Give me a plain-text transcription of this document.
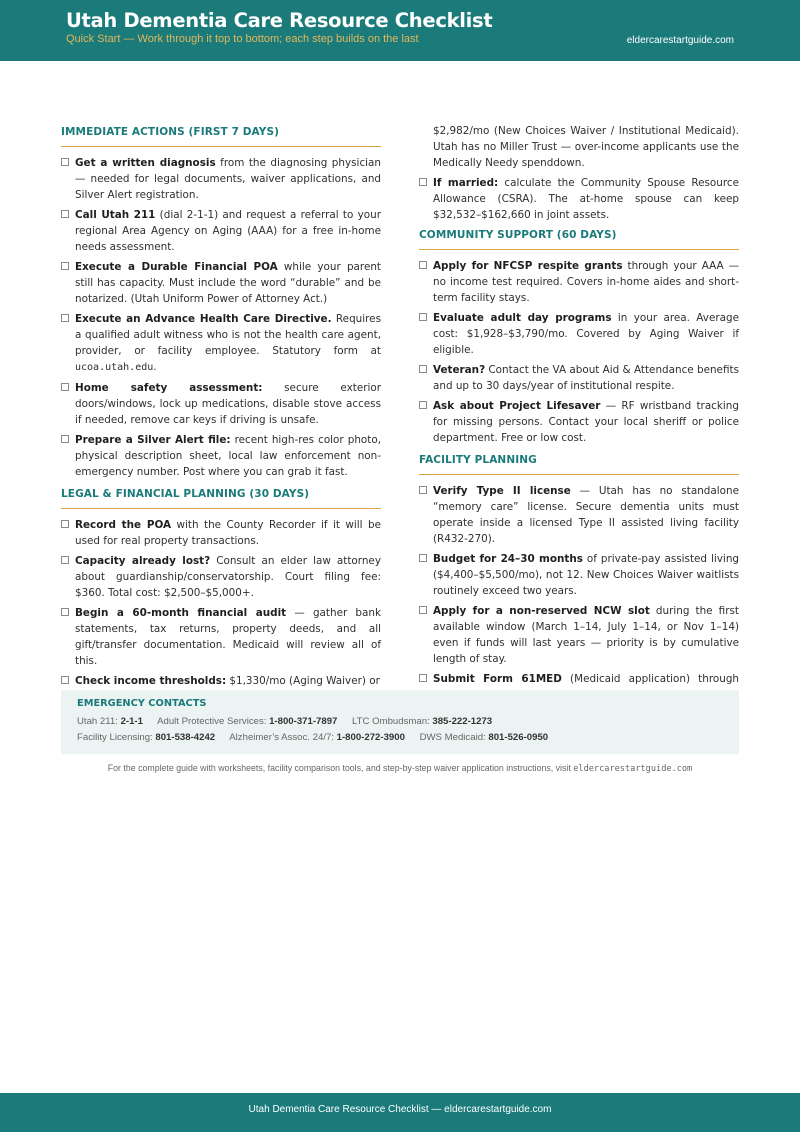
Utah Dementia Care Resource Checklist
Quick Start — Work through it top to bottom; each step builds on the last	eldercarestartguide.com
IMMEDIATE ACTIONS (FIRST 7 DAYS)
Get a written diagnosis from the diagnosing physician — needed for legal documents, waiver applications, and Silver Alert registration.
Call Utah 211 (dial 2-1-1) and request a referral to your regional Area Agency on Aging (AAA) for a free in-home needs assessment.
Execute a Durable Financial POA while your parent still has capacity. Must include the word “durable” and be notarized. (Utah Uniform Power of Attorney Act.)
Execute an Advance Health Care Directive. Requires a qualified adult witness who is not the health care agent, provider, or facility employee. Statutory form at ucoa.utah.edu.
Home safety assessment: secure exterior doors/windows, lock up medications, disable stove access if needed, remove car keys if driving is unsafe.
Prepare a Silver Alert file: recent high-res color photo, physical description sheet, local law enforcement non-emergency number. Post where you can grab it fast.
LEGAL & FINANCIAL PLANNING (30 DAYS)
Record the POA with the County Recorder if it will be used for real property transactions.
Capacity already lost? Consult an elder law attorney about guardianship/conservatorship. Court filing fee: $360. Total cost: $2,500–$5,000+.
Begin a 60-month financial audit — gather bank statements, tax returns, property deeds, and all gift/transfer documentation. Medicaid will review all of this.
Check income thresholds: $1,330/mo (Aging Waiver) or
$2,982/mo (New Choices Waiver / Institutional Medicaid). Utah has no Miller Trust — over-income applicants use the Medically Needy spenddown.
If married: calculate the Community Spouse Resource Allowance (CSRA). The at-home spouse can keep $32,532–$162,660 in joint assets.
COMMUNITY SUPPORT (60 DAYS)
Apply for NFCSP respite grants through your AAA — no income test required. Covers in-home aides and short-term facility stays.
Evaluate adult day programs in your area. Average cost: $1,928–$3,790/mo. Covered by Aging Waiver if eligible.
Veteran? Contact the VA about Aid & Attendance benefits and up to 30 days/year of institutional respite.
Ask about Project Lifesaver — RF wristband tracking for missing persons. Contact your local sheriff or police department. Free or low cost.
FACILITY PLANNING
Verify Type II license — Utah has no standalone “memory care” license. Secure dementia units must operate inside a licensed Type II assisted living facility (R432-270).
Budget for 24–30 months of private-pay assisted living ($4,400–$5,500/mo), not 12. New Choices Waiver waitlists routinely exceed two years.
Apply for a non-reserved NCW slot during the first available window (March 1–14, July 1–14, or Nov 1–14) even if funds will last years — priority is by cumulative length of stay.
Submit Form 61MED (Medicaid application) through
EMERGENCY CONTACTS
Utah 211: 2-1-1 Adult Protective Services: 1-800-371-7897 LTC Ombudsman: 385-222-1273
Facility Licensing: 801-538-4242 Alzheimer’s Assoc. 24/7: 1-800-272-3900 DWS Medicaid: 801-526-0950
For the complete guide with worksheets, facility comparison tools, and step-by-step waiver application instructions, visit eldercarestartguide.com
Utah Dementia Care Resource Checklist — eldercarestartguide.com
